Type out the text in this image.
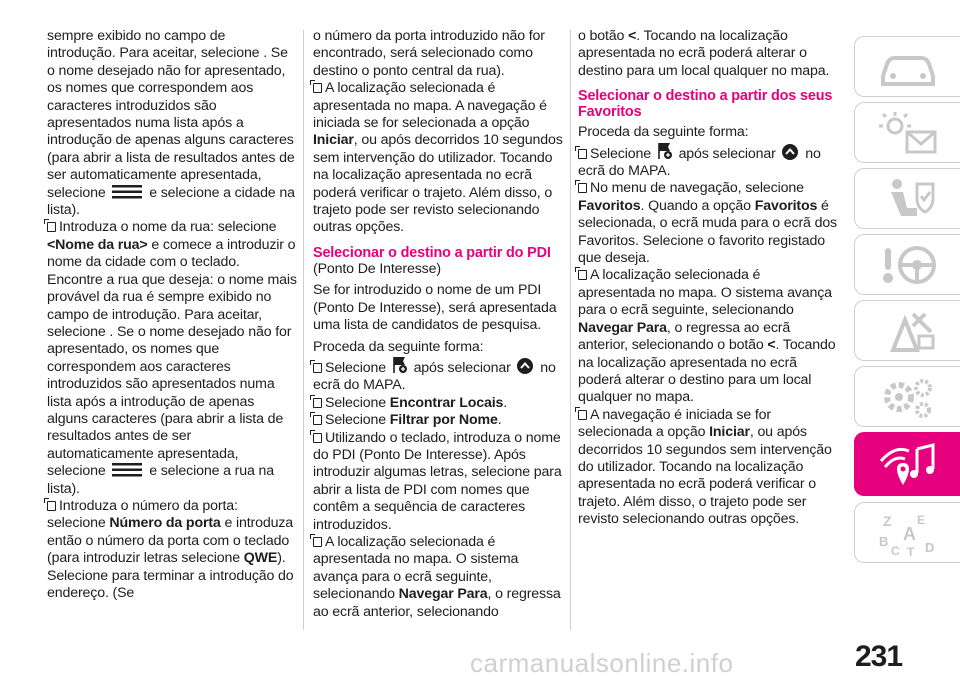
sempre exibido no campo de introdução. Para aceitar, selecione . Se o nome desejado não for apresentado, os nomes que correspondem aos caracteres introduzidos são apresentados numa lista após a introdução de apenas alguns caracteres (para abrir a lista de resultados antes de ser automaticamente apresentada, selecione	e selecione a cidade na lista).

Introduza o nome da rua: selecione <Nome da rua> e comece a introduzir o nome da cidade com o teclado. Encontre a rua que deseja: o nome mais provável da rua é sempre exibido no campo de introdução. Para aceitar, selecione . Se o nome desejado não for apresentado, os nomes que correspondem aos caracteres introduzidos são apresentados numa lista após a introdução de apenas alguns caracteres (para abrir a lista de resultados antes de ser automaticamente apresentada, selecione	e selecione a rua na lista).

Introduza o número da porta: selecione Número da porta e introduza então o número da porta com o teclado (para introduzir letras selecione QWE). Selecione para terminar a introdução do endereço. (Se

o número da porta introduzido não for encontrado, será selecionado como destino o ponto central da rua).

A localização selecionada é apresentada no mapa. A navegação é iniciada se for selecionada a opção Iniciar, ou após decorridos 10 segundos sem intervenção do utilizador. Tocando na localização apresentada no ecrã poderá verificar o trajeto. Além disso, o trajeto pode ser revisto selecionando outras opções.

Selecionar o destino a partir do PDI

(Ponto De Interesse)

Se for introduzido o nome de um PDI (Ponto De Interesse), será apresentada uma lista de candidatos de pesquisa.

Proceda da seguinte forma:

Selecione após selecionar no ecrã do MAPA.

Selecione Encontrar Locais.

Selecione Filtrar por Nome.

Utilizando o teclado, introduza o nome do PDI (Ponto De Interesse). Após introduzir algumas letras, selecione para abrir a lista de PDI com nomes que contêm a sequência de caracteres introduzidos.

A localização selecionada é apresentada no mapa. O sistema avança para o ecrã seguinte, selecionando Navegar Para, o regressa ao ecrã anterior, selecionando

o botão <. Tocando na localização apresentada no ecrã poderá alterar o destino para um local qualquer no mapa.

Selecionar o destino a partir dos seus Favoritos

Proceda da seguinte forma:

Selecione após selecionar no ecrã do MAPA.

No menu de navegação, selecione Favoritos. Quando a opção Favoritos é selecionada, o ecrã muda para o ecrã dos Favoritos. Selecione o favorito registado que deseja.

A localização selecionada é apresentada no mapa. O sistema avança para o ecrã seguinte, selecionando Navegar Para, o regressa ao ecrã anterior, selecionando o botão <. Tocando na localização apresentada no ecrã poderá alterar o destino para um local qualquer no mapa.

A navegação é iniciada se for selecionada a opção Iniciar, ou após decorridos 10 segundos sem intervenção do utilizador. Tocando na localização apresentada no ecrã poderá verificar o trajeto. Além disso, o trajeto pode ser revisto selecionando outras opções.	Z E
A
B
C T D
carmanualsonline.info	231
